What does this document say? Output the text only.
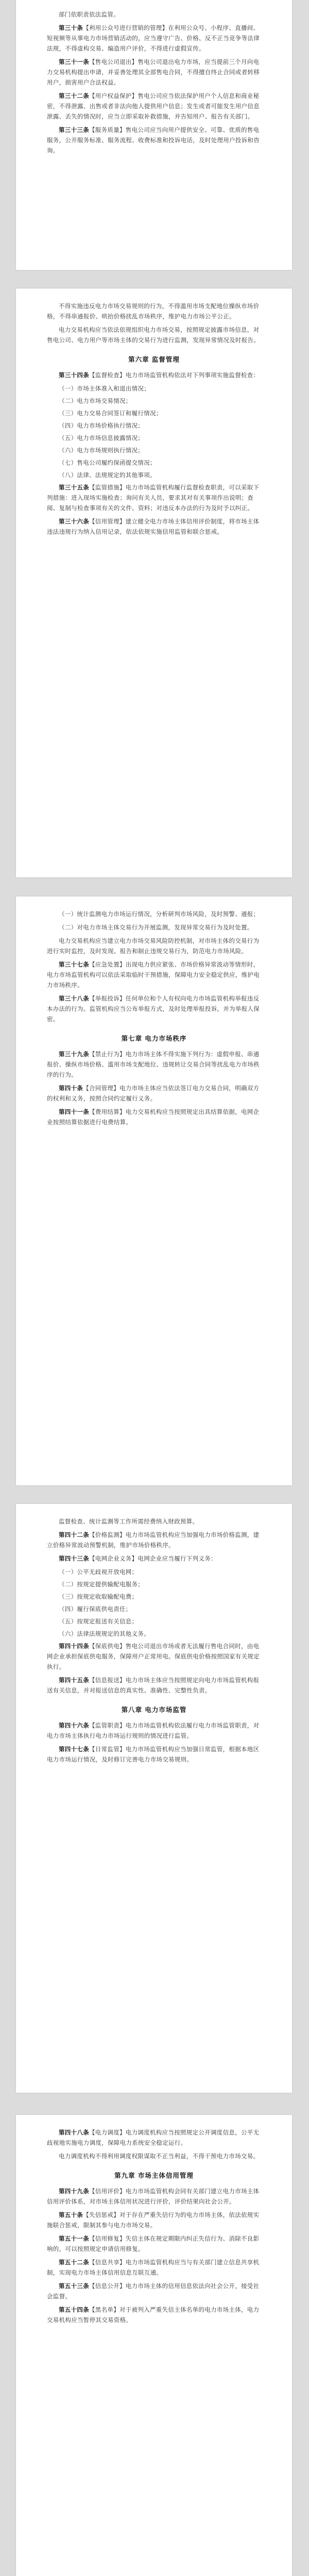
部门依职责依法监管。

第三十条【利用公众号进行营销的管理】在利用公众号、小程序、直播间、短视频等从事电力市场营销活动的，应当遵守广告、价格、反不正当竞争等法律法规，不得虚构交易、编造用户评价，不得进行虚假宣传。

第三十一条【售电公司退出】售电公司退出电力市场，应当提前三个月向电力交易机构提出申请，并妥善处理其全部售电合同，不得擅自终止合同或者转移用户，损害用户合法权益。

第三十二条【用户权益保护】售电公司应当依法保护用户个人信息和商业秘密，不得泄露、出售或者非法向他人提供用户信息；发生或者可能发生用户信息泄露、丢失的情况时，应当立即采取补救措施，并告知用户、报告有关部门。

第三十三条【服务质量】售电公司应当向用户提供安全、可靠、优质的售电服务，公开服务标准、服务流程、收费标准和投诉电话，及时处理用户投诉和咨询。

不得实施违反电力市场交易规则的行为，不得滥用市场支配地位操纵市场价格，不得串通报价、哄抬价格扰乱市场秩序，维护电力市场公平公正。

电力交易机构应当依法依规组织电力市场交易，按照规定披露市场信息，对售电公司、电力用户等市场主体的交易行为进行监测，发现异常情况及时报告。

第六章 监督管理

第三十四条【监督检查】电力市场监管机构依法对下列事项实施监督检查：

（一）市场主体准入和退出情况；
（二）电力市场交易情况；
（三）电力交易合同签订和履行情况；
（四）电力市场价格执行情况；
（五）电力市场信息披露情况；
（六）电力市场规则执行情况；
（七）售电公司履约保函提交情况；
（八）法律、法规规定的其他事项。

第三十五条【监管措施】电力市场监管机构履行监督检查职责，可以采取下列措施：进入现场实施检查；询问有关人员，要求其对有关事项作出说明；查阅、复制与检查事项有关的文件、资料；对违反本办法的行为及时予以纠正。

第三十六条【信用管理】建立健全电力市场主体信用评价制度，将市场主体违法违规行为纳入信用记录，依法依规实施信用监管和联合惩戒。

（一）统计监测电力市场运行情况，分析研判市场风险，及时预警、通报；

（二）对电力市场主体交易行为开展监测，发现异常交易行为及时处置。

电力交易机构应当建立电力市场交易风险防控机制，对市场主体的交易行为进行实时监控，及时发现、报告和制止违规交易行为，防范电力市场风险。

第三十七条【应急处置】出现电力供应紧张、市场价格异常波动等情形时，电力市场监管机构可以依法采取临时干预措施，保障电力安全稳定供应，维护电力市场秩序。

第三十八条【举报投诉】任何单位和个人有权向电力市场监管机构举报违反本办法的行为。监管机构应当公布举报方式，及时处理举报投诉，并为举报人保密。

第七章 电力市场秩序

第三十九条【禁止行为】电力市场主体不得实施下列行为：虚假申报、串通报价、操纵市场价格、滥用市场支配地位、违规转让交易合同等扰乱电力市场秩序的行为。

第四十条【合同管理】电力市场主体应当依法签订电力交易合同，明确双方的权利和义务，按照合同约定履行义务。

第四十一条【费用结算】电力交易机构应当按照规定出具结算依据，电网企业按照结算依据进行电费结算。

监督检查、统计监测等工作所需经费纳入财政预算。

第四十二条【价格监测】电力市场监管机构应当加强电力市场价格监测，建立价格异常波动预警机制，维护市场价格秩序。

第四十三条【电网企业义务】电网企业应当履行下列义务：

（一）公平无歧视开放电网；
（二）按规定提供输配电服务；
（三）按规定收取输配电费；
（四）履行保底供电责任；
（五）按规定报送有关信息；
（六）法律法规规定的其他义务。

第四十四条【保底供电】售电公司退出市场或者无法履行售电合同时，由电网企业承担保底供电服务，保障用户正常用电。保底供电价格按照国家有关规定执行。

第四十五条【信息报送】电力市场主体应当按照规定向电力市场监管机构报送有关信息，并对报送信息的真实性、准确性、完整性负责。

第八章 电力市场监管

第四十六条【监管职责】电力市场监管机构依法履行电力市场监管职责，对电力市场主体执行电力市场运行规则的情况进行监管。

第四十七条【日常监管】电力市场监管机构应当加强日常监管，根据本地区电力市场运行情况，及时修订完善电力市场交易规则。

第四十八条【电力调度】电力调度机构应当按照规定公开调度信息，公平无歧视地实施电力调度，保障电力系统安全稳定运行。

电力调度机构不得利用调度权限谋取不正当利益，不得干预电力市场交易。

第九章 市场主体信用管理

第四十九条【信用评价】电力市场监管机构会同有关部门建立电力市场主体信用评价体系，对市场主体信用状况进行评价，评价结果向社会公开。

第五十条【失信惩戒】对于存在严重失信行为的电力市场主体，依法依规实施联合惩戒，限制其参与电力市场交易。

第五十一条【信用修复】失信主体在规定期限内纠正失信行为、消除不良影响的，可以按照规定申请信用修复。

第五十二条【信息共享】电力市场监管机构应当与有关部门建立信息共享机制，实现电力市场主体信用信息互联互通。

第五十三条【信息公开】电力市场主体的信用信息依法向社会公开，接受社会监督。

第五十四条【黑名单】对于被列入严重失信主体名单的电力市场主体，电力交易机构应当暂停其交易资格。
